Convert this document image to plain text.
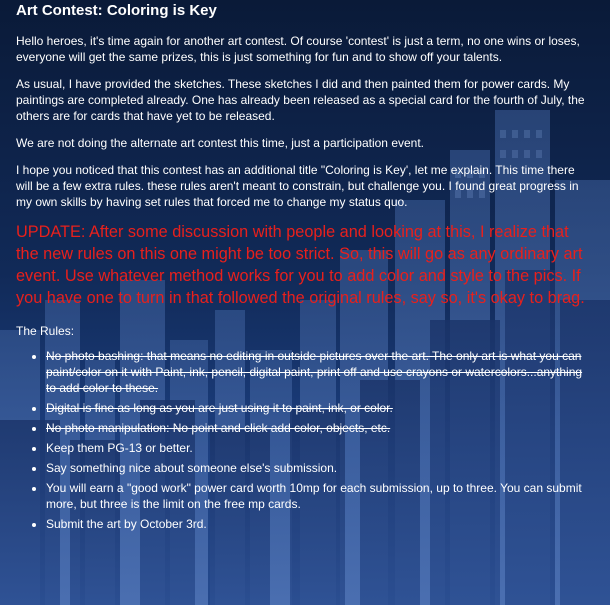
Art Contest: Coloring is Key

Hello heroes, it's time again for another art contest. Of course 'contest' is just a term, no one wins or loses, everyone will get the same prizes, this is just something for fun and to show off your talents.

As usual, I have provided the sketches. These sketches I did and then painted them for power cards. My paintings are completed already. One has already been released as a special card for the fourth of July, the others are for cards that have yet to be released.

We are not doing the alternate art contest this time, just a participation event.

I hope you noticed that this contest has an additional title "Coloring is Key', let me explain. This time there will be a few extra rules. these rules aren't meant to constrain, but challenge you. I found great progress in my own skills by having set rules that forced me to change my status quo.

UPDATE: After some discussion with people and looking at this, I realize that the new rules on this one might be too strict. So, this will go as any ordinary art event. Use whatever method works for you to add color and style to the pics. If you have one to turn in that followed the original rules, say so, it's okay to brag.

The Rules:

• No photo bashing: that means no editing in outside pictures over the art. The only art is what you can paint/color on it with Paint, ink, pencil, digital paint, print off and use crayons or watercolors...anything to add color to these.
• Digital is fine as long as you are just using it to paint, ink, or color.
• No photo manipulation: No point and click add color, objects, etc.
• Keep them PG-13 or better.
• Say something nice about someone else's submission.
• You will earn a "good work" power card worth 10mp for each submission, up to three. You can submit more, but three is the limit on the free mp cards.
• Submit the art by October 3rd.
